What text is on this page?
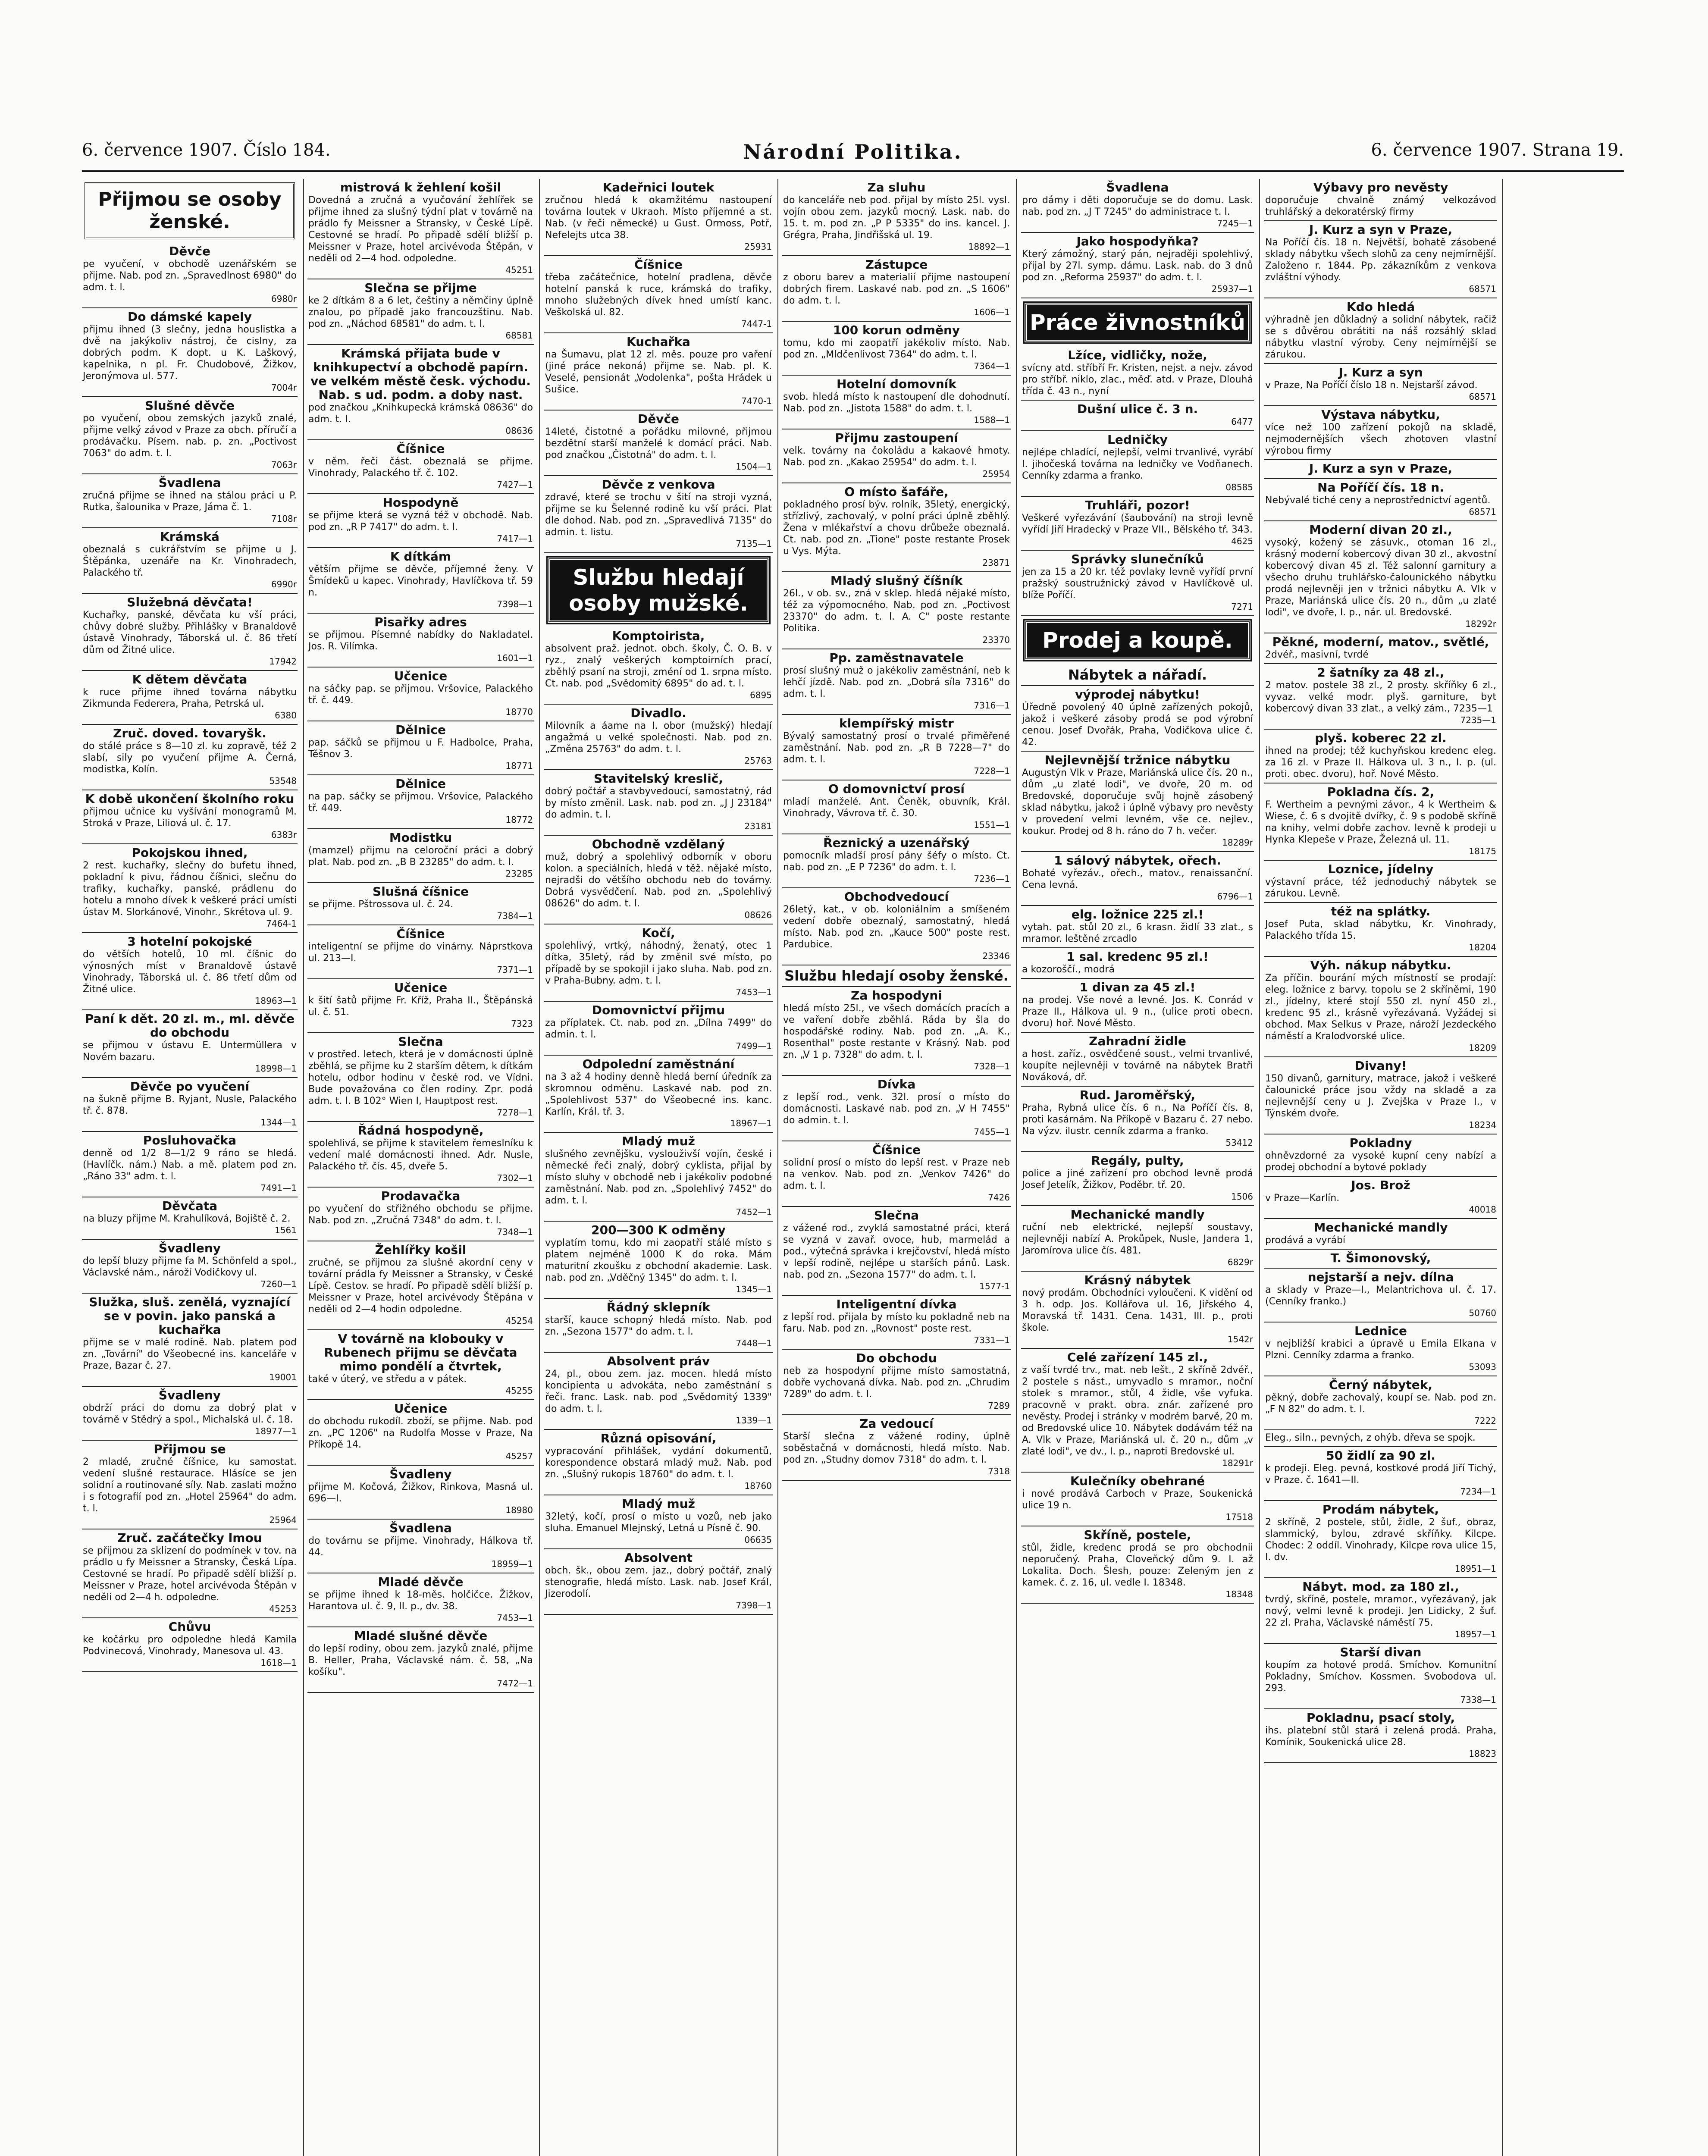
6. července 1907. Číslo 184.	Národní Politika.	6. července 1907. Strana 19.
Přijmou se osoby ženské.
Děvče
pe vyučení, v obchodě uzenářském se přijme. Nab. pod zn. „Spravedlnost 6980" do adm. t. l.
6980r
Do dámské kapely
přijmu ihned (3 slečny, jedna houslistka a dvě na jakýkoliv nástroj, če cislny, za dobrých podm. K dopt. u K. Laškový, kapelnika, n pl. Fr. Chudobové, Žižkov, Jeronýmova ul. 577.
7004r
Slušné děvče
po vyučení, obou zemských jazyků znalé, přijme velký závod v Praze za obch. příručí a prodávačku. Písem. nab. p. zn. „Poctivost 7063" do adm. t. l.
7063r
Švadlena
zručná přijme se ihned na stálou práci u P. Rutka, šalounika v Praze, Jáma č. 1.
7108r
Krámská
obeznalá s cukrářstvím se přijme u J. Štěpánka, uzenáře na Kr. Vinohradech, Palackého tř.
6990r
Služebná děvčata!
Kuchařky, panské, děvčata ku vší práci, chůvy dobré služby. Přihlášky v Branaldově ústavě Vinohrady, Táborská ul. č. 86 třetí dům od Žitné ulice.
17942
K dětem děvčata
k ruce přijme ihned továrna nábytku Zikmunda Federera, Praha, Petrská ul.
6380
Zruč. doved. tovaryšk.
do stálé práce s 8—10 zl. ku zopravě, též 2 slabí, sily po vyučení přijme A. Černá, modistka, Kolín.
53548
K době ukončení školního roku
přijmou učnice ku vyšívání monogramů M. Stroká v Praze, Liliová ul. č. 17.
6383r
Pokojskou ihned,
2 rest. kuchařky, slečny do bufetu ihned, pokladní k pivu, řádnou číšnici, slečnu do trafiky, kuchařky, panské, prádlenu do hotelu a mnoho dívek k veškeré práci umísti ústav M. Slorkánové, Vinohr., Skrétova ul. 9.
7464-1
3 hotelní pokojské
do větších hotelů, 10 ml. číšnic do výnosných míst v Branaldově ústavě Vinohrady, Táborská ul. č. 86 třetí dům od Žitné ulice.
18963—1
Paní k dět. 20 zl. m., ml. děvče do obchodu
se přijmou v ústavu E. Untermüllera v Novém bazaru.
18998—1
Děvče po vyučení
na šukně přijme B. Ryjant, Nusle, Palackého tř. č. 878.
1344—1
Posluhovačka
denně od 1/2 8—1/2 9 ráno se hledá. (Havlíčk. nám.) Nab. a mě. platem pod zn. „Ráno 33" adm. t. l.
7491—1
Děvčata
na bluzy přijme M. Krahulíková, Bojiště č. 2.
1561
Švadleny
do lepší bluzy přijme fa M. Schönfeld a spol., Václavské nám., nároží Vodičkovy ul.
7260—1
Služka, sluš. zenělá, vyznající se v povin. jako panská a kuchařka
přijme se v malé rodině. Nab. platem pod zn. „Tovární" do Všeobecné ins. kanceláře v Praze, Bazar č. 27.
19001
Švadleny
obdrží práci do domu za dobrý plat v továrně v Stědrý a spol., Michalská ul. č. 18.
18977—1
Přijmou se
2 mladé, zručné číšnice, ku samostat. vedení slušné restaurace. Hlásíce se jen solidní a routinované síly. Nab. zaslati možno i s fotografií pod zn. „Hotel 25964" do adm. t. l.
25964
Zruč. začátečky lmou
se přijmou za sklizení do podmínek v tov. na prádlo u fy Meissner a Stransky, Česká Lípa. Cestovné se hradí. Po připadě sdělí bližší p. Meissner v Praze, hotel arcivévoda Štěpán v neděli od 2—4 h. odpoledne.
45253
Chůvu
ke kočárku pro odpoledne hledá Kamila Podvinecová, Vinohrady, Manesova ul. 43.
1618—1
mistrová k žehlení košil
Dovedná a zručná a vyučování žehlířek se přijme ihned za slušný týdní plat v továrně na prádlo fy Meissner a Stransky, v České Lípě. Cestovné se hradí. Po připadě sdělí bližší p. Meissner v Praze, hotel arcivévoda Štěpán, v neděli od 2—4 hod. odpoledne.
45251
Slečna se přijme
ke 2 dítkám 8 a 6 let, češtiny a němčiny úplně znalou, po případě jako francouzštinu. Nab. pod zn. „Náchod 68581" do adm. t. l.
68581
Krámská přijata bude v knihkupectví a obchodě papírn. ve velkém městě česk. východu. Nab. s ud. podm. a doby nast.
pod značkou „Knihkupecká krámská 08636" do adm. t. l.
08636
Číšnice
v něm. řeči část. obeznalá se přijme. Vinohrady, Palackého tř. č. 102.
7427—1
Hospodyně
se přijme která se vyzná též v obchodě. Nab. pod zn. „R P 7417" do adm. t. l.
7417—1
K dítkám
větším přijme se děvče, příjemné ženy. V Šmídeků u kapec. Vinohrady, Havlíčkova tř. 59 n.
7398—1
Pisařky adres
se přijmou. Písemné nabídky do Nakladatel. Jos. R. Vilímka.
1601—1
Učenice
na sáčky pap. se přijmou. Vršovice, Palackého tř. č. 449.
18770
Dělnice
pap. sáčků se přijmou u F. Hadbolce, Praha, Těšnov 3.
18771
Dělnice
na pap. sáčky se přijmou. Vršovice, Palackého tř. 449.
18772
Modistku
(mamzel) přijmu na celoroční práci a dobrý plat. Nab. pod zn. „B B 23285" do adm. t. l.
23285
Slušná číšnice
se přijme. Pštrossova ul. č. 24.
7384—1
Číšnice
inteligentní se přijme do vinárny. Náprstkova ul. 213—I.
7371—1
Učenice
k šití šatů přijme Fr. Kříž, Praha II., Štěpánská ul. č. 51.
7323
Slečna
v prostřed. letech, která je v domácnosti úplně zběhlá, se přijme ku 2 starším dětem, k dítkám hotelu, odbor hodinu v české rod. ve Vídni. Bude považována co člen rodiny. Zpr. podá adm. t. l. B 102° Wien I, Hauptpost rest.
7278—1
Řádná hospodyně,
spolehlivá, se přijme k stavitelem řemeslníku k vedení malé domácnosti ihned. Adr. Nusle, Palackého tř. čís. 45, dveře 5.
7302—1
Prodavačka
po vyučení do střižného obchodu se přijme. Nab. pod zn. „Zručná 7348" do adm. t. l.
7348—1
Žehlířky košil
zručné, se přijmou za slušné akordní ceny v tovární prádla fy Meissner a Stransky, v České Lípě. Cestov. se hradí. Po připadě sdělí bližší p. Meissner v Praze, hotel arcivévody Štěpána v neděli od 2—4 hodin odpoledne.
45254
V továrně na klobouky v Rubenech přijmu se děvčata mimo pondělí a čtvrtek,
také v úterý, ve středu a v pátek.
45255
Učenice
do obchodu rukodíl. zboží, se přijme. Nab. pod zn. „PC 1206" na Rudolfa Mosse v Praze, Na Příkopě 14.
45257
Švadleny
přijme M. Kočová, Žižkov, Rinkova, Masná ul. 696—I.
18980
Švadlena
do továrnu se přijme. Vinohrady, Hálkova tř. 44.
18959—1
Mladé děvče
se přijme ihned k 18-měs. holčičce. Žižkov, Harantova ul. č. 9, II. p., dv. 38.
7453—1
Mladé slušné děvče
do lepší rodiny, obou zem. jazyků znalé, přijme B. Heller, Praha, Václavské nám. č. 58, „Na košíku".
7472—1
Kadeřnici loutek
zručnou hledá k okamžitému nastoupení továrna loutek v Ukraoh. Místo příjemné a st. Nab. (v řeči německé) u Gust. Ormoss, Potř, Nefelejts utca 38.
25931
Číšnice
třeba začátečnice, hotelní pradlena, děvče hotelní panská k ruce, krámská do trafiky, mnoho služebných dívek hned umístí kanc. Veškolská ul. 82.
7447-1
Kuchařka
na Šumavu, plat 12 zl. měs. pouze pro vaření (jiné práce nekoná) přijme se. Nab. pl. K. Veselé, pensionát „Vodolenka", pošta Hrádek u Sušice.
7470-1
Děvče
14leté, čistotné a pořádku milovné, přijmou bezdětní starší manželé k domácí práci. Nab. pod značkou „Čistotná" do adm. t. l.
1504—1
Děvče z venkova
zdravé, které se trochu v šití na stroji vyzná, přijme se ku Šelenné rodině ku vší práci. Plat dle dohod. Nab. pod zn. „Spravedlivá 7135" do admin. t. listu.
7135—1
Službu hledají osoby mužské.
Komptoirista,
absolvent praž. jednot. obch. školy, Č. O. B. v ryz., znalý veškerých komptoirních prací, zběhlý psaní na stroji, zméní od 1. srpna místo. Ct. nab. pod „Svědomitý 6895" do ad. t. l.
6895
Divadlo.
Milovník a áame na I. obor (mužský) hledají angažmá u velké společnosti. Nab. pod zn. „Změna 25763" do adm. t. l.
25763
Stavitelský kreslič,
dobrý počtář a stavbyvedoucí, samostatný, rád by místo změnil. Lask. nab. pod zn. „J J 23184" do admin. t. l.
23181
Obchodně vzdělaný
muž, dobrý a spolehlivý odborník v oboru kolon. a speciálních, hledá v těž. nějaké místo, nejradši do většího obchodu neb do továrny. Dobrá vysvědčení. Nab. pod zn. „Spolehlivý 08626" do adm. t. l.
08626
Kočí,
spolehlivý, vrtký, náhodný, ženatý, otec 1 dítka, 35letý, rád by změnil své místo, po případě by se spokojil i jako sluha. Nab. pod zn. v Praha-Bubny. adm. t. l.
7453—1
Domovnictví přijmu
za příplatek. Ct. nab. pod zn. „Dílna 7499" do admin. t. l.
7499—1
Odpolední zaměstnání
na 3 až 4 hodiny denně hledá berní úředník za skromnou odměnu. Laskavé nab. pod zn. „Spolehlivost 537" do Všeobecné ins. kanc. Karlín, Král. tř. 3.
18967—1
Mladý muž
slušného zevnějšku, vyslouživší vojín, české i německé řeči znalý, dobrý cyklista, přijal by místo sluhy v obchodě neb i jakékoliv podobné zaměstnání. Nab. pod zn. „Spolehlivý 7452" do adm. t. l.
7452—1
200—300 K odměny
vyplatím tomu, kdo mi zaopatří stálé místo s platem nejméně 1000 K do roka. Mám maturitní zkoušku z obchodní akademie. Lask. nab. pod zn. „Vděčný 1345" do adm. t. l.
1345—1
Řádný sklepník
starší, kauce schopný hledá místo. Nab. pod zn. „Sezona 1577" do adm. t. l.
7448—1
Absolvent práv
24, pl., obou zem. jaz. mocen. hledá místo koncipienta u advokáta, nebo zaměstnání s řeči. franc. Lask. nab. pod „Svědomitý 1339" do adm. t. l.
1339—1
Různá opisování,
vypracování přihlášek, vydání dokumentů, korespondence obstará mladý muž. Nab. pod zn. „Slušný rukopis 18760" do adm. t. l.
18760
Mladý muž
32letý, kočí, prosí o místo u vozů, neb jako sluha. Emanuel Mlejnský, Letná u Písně č. 90.
06635
Absolvent
obch. šk., obou zem. jaz., dobrý počtář, znalý stenografie, hledá místo. Lask. nab. Josef Král, Jizerodolí.
7398—1
Za sluhu
do kanceláře neb pod. přijal by místo 25l. vysl. vojín obou zem. jazyků mocný. Lask. nab. do 15. t. m. pod zn. „P P 5335" do ins. kancel. J. Grégra, Praha, Jindřišská ul. 19.
18892—1
Zástupce
z oboru barev a materialií přijme nastoupení dobrých firem. Laskavé nab. pod zn. „S 1606" do adm. t. l.
1606—1
100 korun odměny
tomu, kdo mi zaopatří jakékoliv místo. Nab. pod zn. „Mldčenlivost 7364" do adm. t. l.
7364—1
Hotelní domovník
svob. hledá místo k nastoupení dle dohodnutí. Nab. pod zn. „Jistota 1588" do adm. t. l.
1588—1
Přijmu zastoupení
velk. továrny na čokoládu a kakaové hmoty. Nab. pod zn. „Kakao 25954" do adm. t. l.
25954
O místo šafáře,
pokladného prosí býv. rolník, 35letý, energický, střízlivý, zachovalý, v polní práci úplně zběhlý. Žena v mlékařství a chovu drůbeže obeznalá. Ct. nab. pod zn. „Tione" poste restante Prosek u Vys. Mýta.
23871
Mladý slušný číšník
26l., v ob. sv., zná v sklep. hledá nějaké místo, též za výpomocného. Nab. pod zn. „Poctivost 23370" do adm. t. l. A. C" poste restante Politika.
23370
Pp. zaměstnavatele
prosí slušný muž o jakékoliv zaměstnání, neb k lehčí jízdě. Nab. pod zn. „Dobrá síla 7316" do adm. t. l.
7316—1
klempířský mistr
Bývalý samostatný prosí o trvalé přiměřené zaměstnání. Nab. pod zn. „R B 7228—7" do adm. t. l.
7228—1
O domovnictví prosí
mladí manželé. Ant. Čeněk, obuvník, Král. Vinohrady, Vávrova tř. č. 30.
1551—1
Řeznický a uzenářský
pomocník mladší prosí pány šéfy o místo. Ct. nab. pod zn. „E P 7236" do adm. t. l.
7236—1
Obchodvedoucí
26letý, kat., v ob. koloniálním a smíšeném vedení dobře obeznalý, samostatný, hledá místo. Nab. pod zn. „Kauce 500" poste rest. Pardubice.
23346
Službu hledají osoby ženské.
Za hospodyni
hledá místo 25l., ve všech domácích pracích a ve vaření dobře zběhlá. Ráda by šla do hospodářské rodiny. Nab. pod zn. „A. K., Rosenthal" poste restante v Krásný. Nab. pod zn. „V 1 p. 7328" do adm. t. l.
7328—1
Dívka
z lepší rod., venk. 32l. prosí o místo do domácnosti. Laskavé nab. pod zn. „V H 7455" do admin. t. l.
7455—1
Číšnice
solidní prosí o místo do lepší rest. v Praze neb na venkov. Nab. pod zn. „Venkov 7426" do adm. t. l.
7426
Slečna
z vážené rod., zvyklá samostatné práci, která se vyzná v zavař. ovoce, hub, marmelád a pod., výtečná správka i krejčovství, hledá místo v lepší rodině, nejlépe u starších pánů. Lask. nab. pod zn. „Sezona 1577" do adm. t. l.
1577-1
Inteligentní dívka
z lepší rod. přijala by místo ku pokladně neb na faru. Nab. pod zn. „Rovnost" poste rest.
7331—1
Do obchodu
neb za hospodyní přijme místo samostatná, dobře vychovaná dívka. Nab. pod zn. „Chrudim 7289" do adm. t. l.
7289
Za vedoucí
Starší slečna z vážené rodiny, úplně soběstačná v domácnosti, hledá místo. Nab. pod zn. „Studny domov 7318" do adm. t. l.
7318
Švadlena
pro dámy i děti doporučuje se do domu. Lask. nab. pod zn. „J T 7245" do administrace t. l.
7245—1
Jako hospodyňka?
Který zámožný, starý pán, nejraději spolehlivý, přijal by 27l. symp. dámu. Lask. nab. do 3 dnů pod zn. „Reforma 25937" do adm. t. l.
25937—1
Práce živnostníků
Lžíce, vidličky, nože,
svícny atd. stříbří Fr. Kristen, nejst. a nejv. závod pro stříbř. niklo, zlac., měď. atd. v Praze, Dlouhá třída č. 43 n., nyní
Dušní ulice č. 3 n.
6477
Ledničky
nejlépe chladící, nejlepší, velmi trvanlivé, vyrábí I. jihočeská továrna na ledničky ve Vodňanech. Cenníky zdarma a franko.
08585
Truhláři, pozor!
Veškeré vyřezávání (šaubování) na stroji levně vyřídí Jiří Hradecký v Praze VII., Bělského tř. 343.
4625
Správky slunečníků
jen za 15 a 20 kr. též povlaky levně vyřídí první pražský soustružnický závod v Havlíčkově ul. blíže Poříčí.
7271
Prodej a koupě.
Nábytek a nářadí.
výprodej nábytku!
Úředně povolený 40 úplně zařízených pokojů, jakož i veškeré zásoby prodá se pod výrobní cenou. Josef Dvořák, Praha, Vodičkova ulice č. 42.
Nejlevnější tržnice nábytku
Augustýn Vlk v Praze, Mariánská ulice čís. 20 n., dům „u zlaté lodi", ve dvoře, 20 m. od Bredovské, doporučuje svůj hojně zásobený sklad nábytku, jakož i úplně výbavy pro nevěsty v provedení velmi levném, vše ce. nejlev., koukur. Prodej od 8 h. ráno do 7 h. večer.
18289r
1 sálový nábytek, ořech.
Bohaté vyřezáv., ořech., matov., renaissanční. Cena levná.
6796—1
elg. ložnice 225 zl.!
vytah. pat. stůl 20 zl., 6 krasn. židlí 33 zlat., s mramor. leštěné zrcadlo
1 sal. kredenc 95 zl.!
a kozoroščí., modrá
1 divan za 45 zl.!
na prodej. Vše nové a levné. Jos. K. Conrád v Praze II., Hálkova ul. 9 n., (ulice proti obecn. dvoru) hoř. Nové Město.
Zahradní židle
a host. zaříz., osvědčené soust., velmi trvanlivé, koupíte nejlevněji v továrně na nábytek Bratři Nováková, dř.
Rud. Jaroměřský,
Praha, Rybná ulice čís. 6 n., Na Poříčí čís. 8, proti kasárnám. Na Příkopě v Bazaru č. 27 nebo. Na výzv. ilustr. cenník zdarma a franko.
53412
Regály, pulty,
police a jiné zařízení pro obchod levně prodá Josef Jetelík, Žižkov, Poděbr. tř. 20.
1506
Mechanické mandly
ruční neb elektrické, nejlepší soustavy, nejlevněji nabízí A. Prokůpek, Nusle, Jandera 1, Jaromírova ulice čís. 481.
6829r
Krásný nábytek
nový prodám. Obchodníci vyloučeni. K vidění od 3 h. odp. Jos. Kollářova ul. 16, Jiřského 4, Moravská tř. 1431. Cena. 1431, III. p., proti škole.
1542r
Celé zařízení 145 zl.,
z vaší tvrdé trv., mat. neb lešt., 2 skříně 2dvéř., 2 postele s nást., umyvadlo s mramor., noční stolek s mramor., stůl, 4 židle, vše vyfuka. pracovně v prakt. obra. znár. zařízené pro nevěsty. Prodej i stránky v modrém barvě, 20 m. od Bredovské ulice 10. Nábytek dodávám též na A. Vlk v Praze, Mariánská ul. č. 20 n., dům „v zlaté lodi", ve dv., I. p., naproti Bredovské ul.
18291r
Kulečníky obehrané
i nové prodává Carboch v Praze, Soukenická ulice 19 n.
17518
Skříně, postele,
stůl, židle, kredenc prodá se pro obchodnii neporučený. Praha, Cloveňcký dům 9. I. až Lokalita. Doch. Šlesh, pouze: Zeleným jen z kamek. č. z. 16, ul. vedle I. 18348.
18348
Výbavy pro nevěsty
doporučuje chvalně známý velkozávod truhlářský a dekoratérský firmy
J. Kurz a syn v Praze,
Na Poříčí čís. 18 n. Největší, bohatě zásobené sklady nábytku všech slohů za ceny nejmírnější. Založeno r. 1844. Pp. zákazníkům z venkova zvláštní výhody.
68571
Kdo hledá
výhradně jen důkladný a solidní nábytek, račiž se s důvěrou obrátiti na náš rozsáhlý sklad nábytku vlastní výroby. Ceny nejmírnější se zárukou.
J. Kurz a syn
v Praze, Na Poříčí číslo 18 n. Nejstarší závod.
68571
Výstava nábytku,
více než 100 zařízení pokojů na skladě, nejmodernějších všech zhotoven vlastní výrobou firmy
J. Kurz a syn v Praze,
Na Poříčí čís. 18 n.
Nebývalé tiché ceny a neprostřednictví agentů.
68571
Moderní divan 20 zl.,
vysoký, kožený se zásuvk., otoman 16 zl., krásný moderní kobercový divan 30 zl., akvostní kobercový divan 45 zl. Též salonní garnitury a všecho druhu truhlářsko-čalounického nábytku prodá nejlevněji jen v tržnici nábytku A. Vlk v Praze, Mariánská ulice čís. 20 n., dům „u zlaté lodi", ve dvoře, I. p., nár. ul. Bredovské.
18292r
Pěkné, moderní, matov., světlé,
2dvéř., masivní, tvrdé
2 šatníky za 48 zl.,
2 matov. postele 38 zl., 2 prosty. skříňky 6 zl., vyvaz. velké modr. plyš. garniture, byt kobercový divan 33 zlat., a velký zám., 7235—1
7235—1
plyš. koberec 22 zl.
ihned na prodej; též kuchyňskou kredenc eleg. za 16 zl. v Praze II. Hálkova ul. 3 n., I. p. (ul. proti. obec. dvoru), hoř. Nové Město.
Pokladna čís. 2,
F. Wertheim a pevnými závor., 4 k Wertheim & Wiese, č. 6 s dvojitě dvířky, č. 9 s podobě skříně na knihy, velmi dobře zachov. levně k prodeji u Hynka Klepeše v Praze, Železná ul. 11.
18175
Loznice, jídelny
výstavní práce, též jednoduchý nábytek se zárukou. Levně.
též na splátky.
Josef Puta, sklad nábytku, Kr. Vinohrady, Palackého třída 15.
18204
Výh. nákup nábytku.
Za příčin. bourání mých místností se prodají: eleg. ložnice z barvy. topolu se 2 skříněmi, 190 zl., jídelny, které stojí 550 zl. nyní 450 zl., kredenc 95 zl., krásně vyřezávaná. Vyžádej si obchod. Max Selkus v Praze, nároží Jezdeckého náměstí a Kralodvorské ulice.
18209
Divany!
150 divanů, garnitury, matrace, jakož i veškeré čalounické práce jsou vždy na skladě a za nejlevnější ceny u J. Zvejška v Praze I., v Týnském dvoře.
18234
Pokladny
ohněvzdorné za vysoké kupní ceny nabízí a prodej obchodní a bytové poklady
Jos. Brož
v Praze—Karlín.
40018
Mechanické mandly
prodává a vyrábí
T. Šimonovský,
nejstarší a nejv. dílna
a sklady v Praze—I., Melantrichova ul. č. 17. (Cenníky franko.)
50760
Lednice
v nejbližší krabici a úpravě u Emila Elkana v Plzni. Cenníky zdarma a franko.
53093
Černý nábytek,
pěkný, dobře zachovalý, koupí se. Nab. pod zn. „F N 82" do adm. t. l.
7222
Eleg., siln., pevných, z ohýb. dřeva se spojk.
50 židlí za 90 zl.
k prodeji. Eleg. pevná, kostkové prodá Jiří Tichý, v Praze. č. 1641—II.
7234—1
Prodám nábytek,
2 skříně, 2 postele, stůl, židle, 2 šuf., obraz, slammický, bylou, zdravé skříňky. Kilcpe. Chodec: 2 oddíl. Vinohrady, Kilcpe rova ulice 15, I. dv.
18951—1
Nábyt. mod. za 180 zl.,
tvrdý, skříně, postele, mramor., vyřezávaný, jak nový, velmi levně k prodeji. Jen Lidicky, 2 šuf. 22 zl. Praha, Václavské náměstí 75.
18957—1
Starší divan
koupím za hotové prodá. Smíchov. Komunitní Pokladny, Smíchov. Kossmen. Svobodova ul. 293.
7338—1
Pokladnu, psací stoly,
ihs. platební stůl stará i zelená prodá. Praha, Komínik, Soukenická ulice 28.
18823
